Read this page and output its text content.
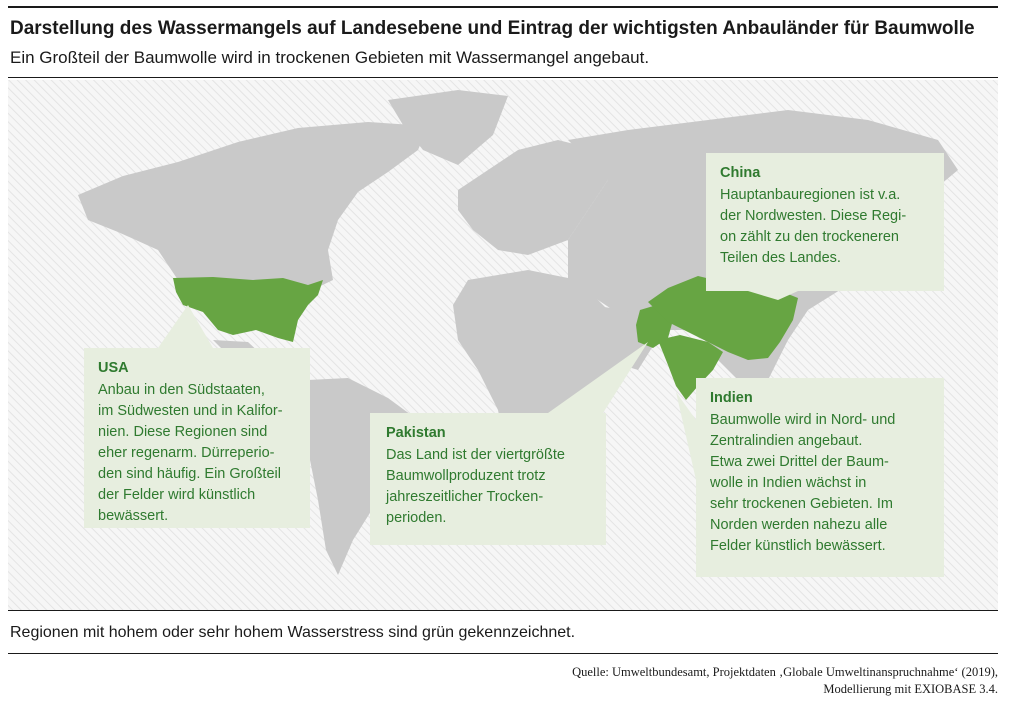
Darstellung des Wassermangels auf Landesebene und Eintrag der wichtigsten Anbauländer für Baumwolle
Ein Großteil der Baumwolle wird in trockenen Gebieten mit Wassermangel angebaut.
USA
Anbau in den Südstaaten,
im Südwesten und in Kalifor-
nien. Diese Regionen sind
eher regenarm. Dürreperio-
den sind häufig. Ein Großteil
der Felder wird künstlich
bewässert.
Pakistan
Das Land ist der viertgrößte
Baumwollproduzent trotz
jahreszeitlicher Trocken-
perioden.
China
Hauptanbauregionen ist v.a.
der Nordwesten. Diese Regi-
on zählt zu den trockeneren
Teilen des Landes.
Indien
Baumwolle wird in Nord- und
Zentralindien angebaut.
Etwa zwei Drittel der Baum-
wolle in Indien wächst in
sehr trockenen Gebieten. Im
Norden werden nahezu alle
Felder künstlich bewässert.
Regionen mit hohem oder sehr hohem Wasserstress sind grün gekennzeichnet.
Quelle: Umweltbundesamt, Projektdaten ‚Globale Umweltinanspruchnahme‘ (2019),
Modellierung mit EXIOBASE 3.4.
